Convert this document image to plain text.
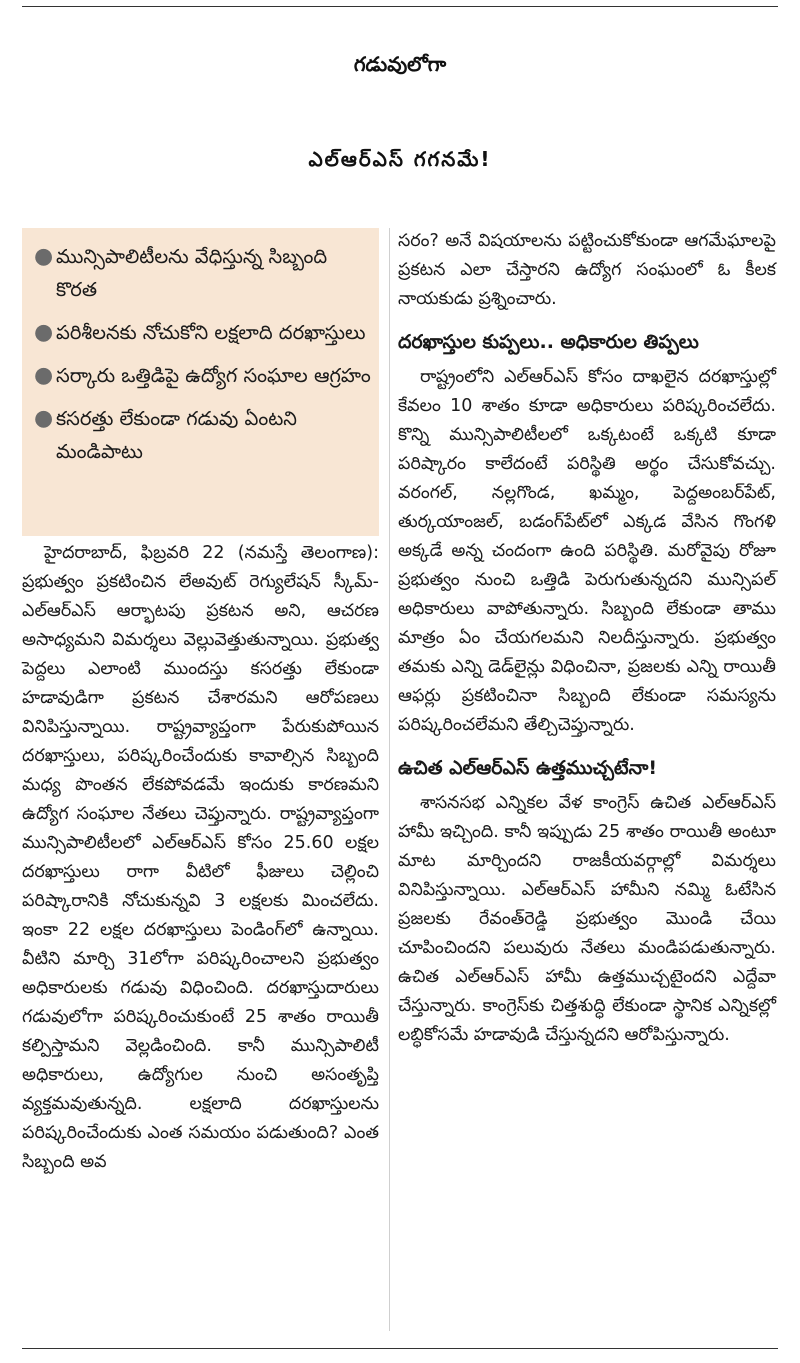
గడువులోగా
ఎల్‌ఆర్‌ఎస్‌ గగనమే!
● మున్సిపాలిటీలను వేధిస్తున్న సిబ్బంది కొరత
● పరిశీలనకు నోచుకోని లక్షలాది దరఖాస్తులు
● సర్కారు ఒత్తిడిపై ఉద్యోగ సంఘాల ఆగ్రహం
● కసరత్తు లేకుండా గడువు ఏంటని మండిపాటు

హైదరాబాద్‌, ఫిబ్రవరి 22 (నమస్తే తెలంగాణ): ప్రభుత్వం ప్రకటించిన లేఅవుట్‌ రెగ్యులేషన్‌ స్కీమ్‌-ఎల్‌ఆర్‌ఎస్‌ ఆర్భాటపు ప్రకటన అని, ఆచరణ అసాధ్యమని విమర్శలు వెల్లువెత్తుతున్నాయి. ప్రభుత్వ పెద్దలు ఎలాంటి ముందస్తు కసరత్తు లేకుండా హడావుడిగా ప్రకటన చేశారమని ఆరోపణలు వినిపిస్తున్నాయి. రాష్ట్రవ్యాప్తంగా పేరుకుపోయిన దరఖాస్తులు, పరిష్కరించేందుకు కావాల్సిన సిబ్బంది మధ్య పొంతన లేకపోవడమే ఇందుకు కారణమని ఉద్యోగ సంఘాల నేతలు చెప్తున్నారు. రాష్ట్రవ్యాప్తంగా మున్సిపాలిటీలలో ఎల్‌ఆర్‌ఎస్‌ కోసం 25.60 లక్షల దరఖాస్తులు రాగా వీటిలో ఫీజులు చెల్లించి పరిష్కారానికి నోచుకున్నవి 3 లక్షలకు మించలేదు. ఇంకా 22 లక్షల దరఖాస్తులు పెండింగ్‌లో ఉన్నాయి. వీటిని మార్చి 31లోగా పరిష్కరించాలని ప్రభుత్వం అధికారులకు గడువు విధించింది. దరఖాస్తుదారులు గడువులోగా పరిష్కరించుకుంటే 25 శాతం రాయితీ కల్పిస్తామని వెల్లడించింది. కానీ మున్సిపాలిటీ అధికారులు, ఉద్యోగుల నుంచి అసంతృప్తి వ్యక్తమవుతున్నది. లక్షలాది దరఖాస్తులను పరిష్కరించేందుకు ఎంత సమయం పడుతుంది? ఎంత సిబ్బంది అవ

సరం? అనే విషయాలను పట్టించుకోకుండా ఆగమేఘాలపై ప్రకటన ఎలా చేస్తారని ఉద్యోగ సంఘంలో ఓ కీలక నాయకుడు ప్రశ్నించారు.

దరఖాస్తుల కుప్పలు.. అధికారుల తిప్పలు

రాష్ట్రంలోని ఎల్‌ఆర్‌ఎస్‌ కోసం దాఖలైన దరఖాస్తుల్లో కేవలం 10 శాతం కూడా అధికారులు పరిష్కరించలేదు. కొన్ని మున్సిపాలిటీలలో ఒక్కటంటే ఒక్కటి కూడా పరిష్కారం కాలేదంటే పరిస్థితి అర్థం చేసుకోవచ్చు. వరంగల్‌, నల్లగొండ, ఖమ్మం, పెద్దఅంబర్‌పేట్‌, తుర్కయాంజల్‌, బడంగ్‌పేట్‌లో ఎక్కడ వేసిన గొంగళి అక్కడే అన్న చందంగా ఉంది పరిస్థితి. మరోవైపు రోజూ ప్రభుత్వం నుంచి ఒత్తిడి పెరుగుతున్నదని మున్సిపల్‌ అధికారులు వాపోతున్నారు. సిబ్బంది లేకుండా తాము మాత్రం ఏం చేయగలమని నిలదీస్తున్నారు. ప్రభుత్వం తమకు ఎన్ని డెడ్‌లైన్లు విధించినా, ప్రజలకు ఎన్ని రాయితీ ఆఫర్లు ప్రకటించినా సిబ్బంది లేకుండా సమస్యను పరిష్కరించలేమని తేల్చిచెప్తున్నారు.

ఉచిత ఎల్‌ఆర్‌ఎస్‌ ఉత్తముచ్చటేనా!

శాసనసభ ఎన్నికల వేళ కాంగ్రెస్‌ ఉచిత ఎల్‌ఆర్‌ఎస్‌ హామీ ఇచ్చింది. కానీ ఇప్పుడు 25 శాతం రాయితీ అంటూ మాట మార్చిందని రాజకీయవర్గాల్లో విమర్శలు వినిపిస్తున్నాయి. ఎల్‌ఆర్‌ఎస్‌ హామీని నమ్మి ఓటేసిన ప్రజలకు రేవంత్‌రెడ్డి ప్రభుత్వం మొండి చేయి చూపించిందని పలువురు నేతలు మండిపడుతున్నారు. ఉచిత ఎల్‌ఆర్‌ఎస్‌ హామీ ఉత్తముచ్చటైందని ఎద్దేవా చేస్తున్నారు. కాంగ్రెస్‌కు చిత్తశుద్ధి లేకుండా స్థానిక ఎన్నికల్లో లబ్ధికోసమే హడావుడి చేస్తున్నదని ఆరోపిస్తున్నారు.
